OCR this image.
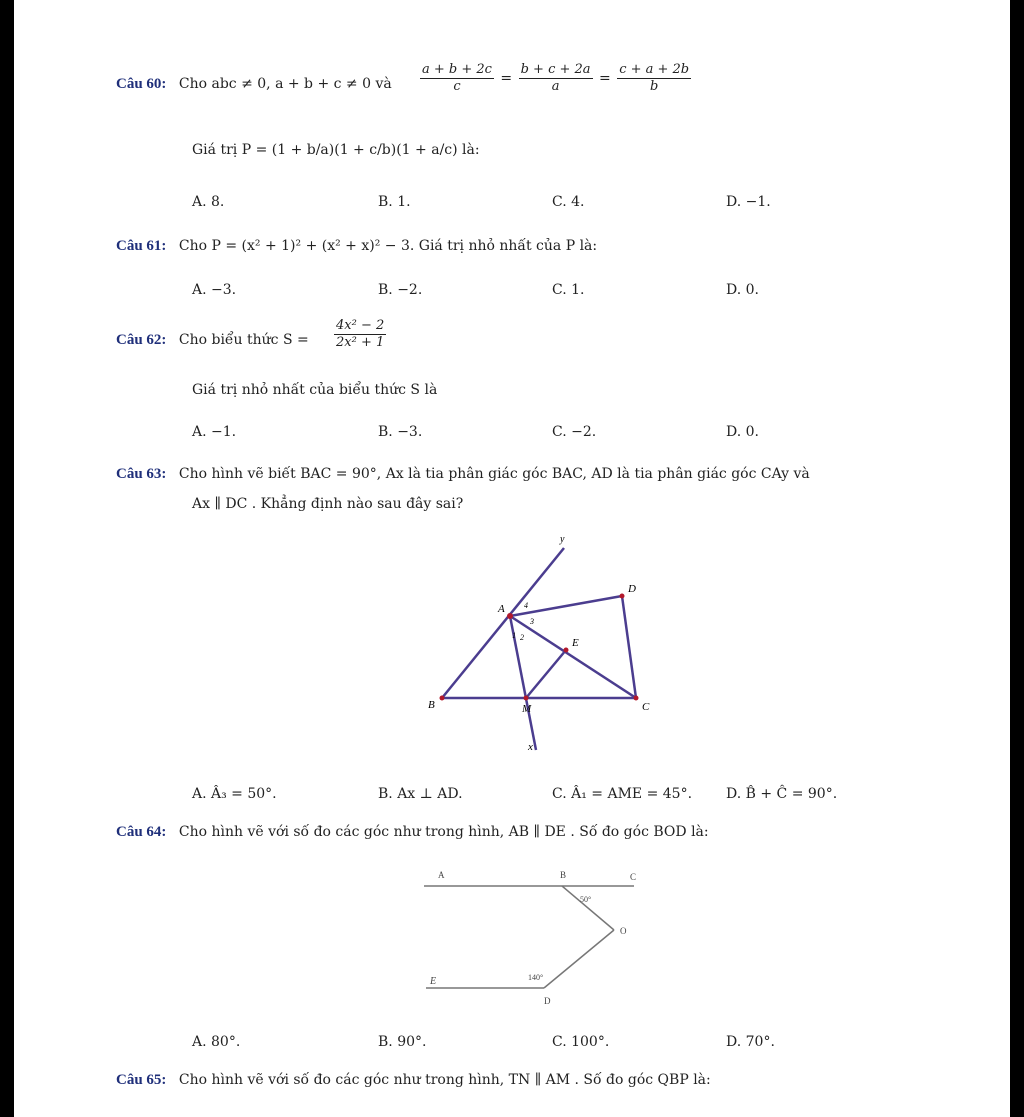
Câu 60: Cho abc ≠ 0, a + b + c ≠ 0 và $\frac{a + b + 2c}{c} = \frac{b + c + 2a}{a} = \frac{c + a + 2b}{b}$
Giá trị P = (1 + b/a)(1 + c/b)(1 + a/c) là:
A. 8.	B. 1.	C. 4.	D. −1.
Câu 61: Cho P = (x² + 1)² + (x² + x)² − 3. Giá trị nhỏ nhất của P là:
A. −3.	B. −2.	C. 1.	D. 0.
Câu 62: Cho biểu thức $S = \frac{\text{4x² − 2}}{\text{2x² + 1}}$
Giá trị nhỏ nhất của biểu thức S là
A. −1.	B. −3.	C. −2.	D. 0.
Câu 63: Cho hình vẽ biết BAC = 90°, Ax là tia phân giác góc BAC, AD là tia phân giác góc CAy và
Ax ∥ DC . Khẳng định nào sau đây sai?
y
A
D
E
B	M	C
x
1 2
3
4
A. Â₃ = 50°.	B. Ax ⊥ AD.	C. Â₁ = AME = 45°. D. B̂ + Ĉ = 90°.
Câu 64: Cho hình vẽ với số đo các góc như trong hình, AB ∥ DE . Số đo góc BOD là:
A	B	C
O
E
D
50°
140°
A. 80°.	B. 90°.	C. 100°.	D. 70°.
Câu 65: Cho hình vẽ với số đo các góc như trong hình, TN ∥ AM . Số đo góc QBP là:
